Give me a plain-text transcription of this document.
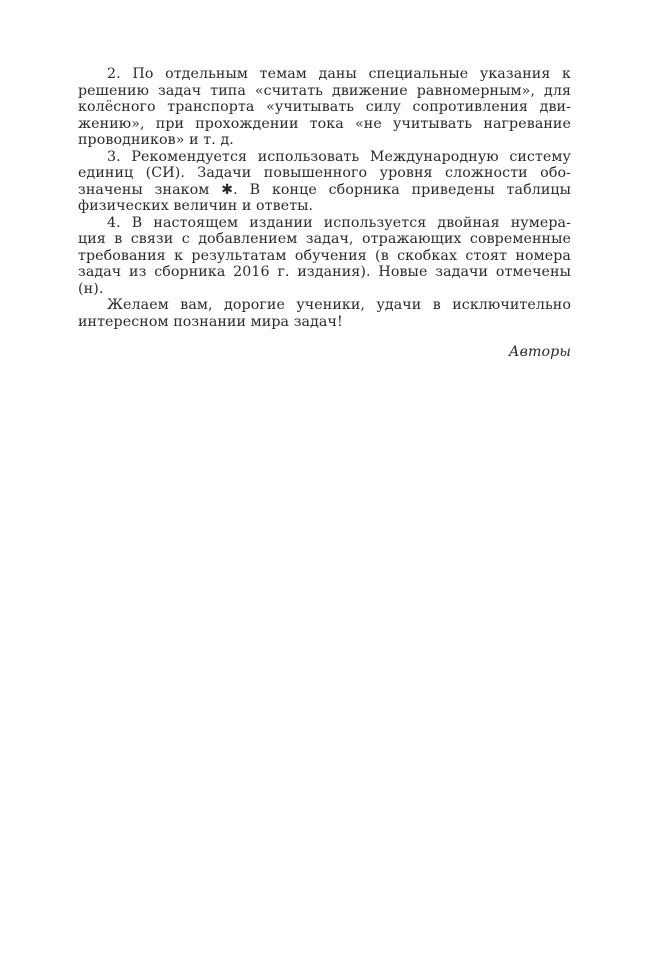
2. По отдельным темам даны специальные указания к
решению задач типа «считать движение равномерным», для
колёсного транспорта «учитывать силу сопротивления дви-
жению», при прохождении тока «не учитывать нагревание
проводников» и т. д.
3. Рекомендуется использовать Международную систему
единиц (СИ). Задачи повышенного уровня сложности обо-
значены знаком ✱. В конце сборника приведены таблицы
физических величин и ответы.
4. В настоящем издании используется двойная нумера-
ция в связи с добавлением задач, отражающих современные
требования к результатам обучения (в скобках стоят номера
задач из сборника 2016 г. издания). Новые задачи отмечены
(н).
Желаем вам, дорогие ученики, удачи в исключительно
интересном познании мира задач!
Авторы
